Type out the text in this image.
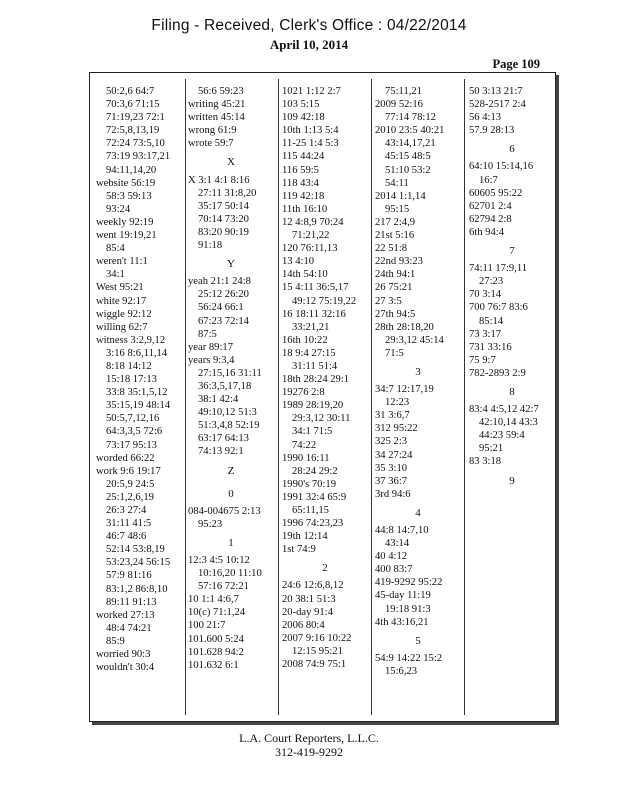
Filing - Received, Clerk's Office : 04/22/2014
April 10, 2014
Page 109
50:2,6 64:7
70:3,6 71:15
71:19,23 72:1
72:5,8,13,19
72:24 73:5,10
73:19 93:17,21
94:11,14,20
website 56:19
58:3 59:13
93:24
weekly 92:19
went 19:19,21
85:4
weren't 11:1
34:1
West 95:21
white 92:17
wiggle 92:12
willing 62:7
witness 3:2,9,12
3:16 8:6,11,14
8:18 14:12
15:18 17:13
33:8 35:1,5,12
35:15,19 48:14
50:5,7,12,16
64:3,3,5 72:6
73:17 95:13
worded 66:22
work 9:6 19:17
20:5,9 24:5
25:1,2,6,19
26:3 27:4
31:11 41:5
46:7 48:6
52:14 53:8,19
53:23,24 56:15
57:9 81:16
83:1,2 86:8,10
89:11 91:13
worked 27:13
48:4 74:21
85:9
worried 90:3
wouldn't 30:4
56:6 59:23
writing 45:21
written 45:14
wrong 61:9
wrote 59:7
X
X 3:1 4:1 8:16
27:11 31:8,20
35:17 50:14
70:14 73:20
83:20 90:19
91:18
Y
yeah 21:1 24:8
25:12 26:20
56:24 66:1
67:23 72:14
87:5
year 89:17
years 9:3,4
27:15,16 31:11
36:3,5,17,18
38:1 42:4
49:10,12 51:3
51:3,4,8 52:19
63:17 64:13
74:13 92:1
Z
0
084-004675 2:13
95:23
1
12:3 4:5 10:12
10:16,20 11:10
57:16 72:21
10 1:1 4:6,7
10(c) 71:1,24
100 21:7
101.600 5:24
101.628 94:2
101.632 6:1
1021 1:12 2:7
103 5:15
109 42:18
10th 1:13 5:4
11-25 1:4 5:3
115 44:24
116 59:5
118 43:4
119 42:18
11th 16:10
12 4:8,9 70:24
71:21,22
120 76:11,13
13 4:10
14th 54:10
15 4:11 36:5,17
49:12 75:19,22
16 18:11 32:16
33:21,21
16th 10:22
18 9:4 27:15
31:11 51:4
18th 28:24 29:1
19276 2:8
1989 28:19,20
29:3,12 30:11
34:1 71:5
74:22
1990 16:11
28:24 29:2
1990's 70:19
1991 32:4 65:9
65:11,15
1996 74:23,23
19th 12:14
1st 74:9
2
24:6 12:6,8,12
20 38:1 51:3
20-day 91:4
2006 80:4
2007 9:16 10:22
12:15 95:21
2008 74:9 75:1
75:11,21
2009 52:16
77:14 78:12
2010 23:5 40:21
43:14,17,21
45:15 48:5
51:10 53:2
54:11
2014 1:1,14
95:15
217 2:4,9
21st 5:16
22 51:8
22nd 93:23
24th 94:1
26 75:21
27 3:5
27th 94:5
28th 28:18,20
29:3,12 45:14
71:5
3
34:7 12:17,19
12:23
31 3:6,7
312 95:22
325 2:3
34 27:24
35 3:10
37 36:7
3rd 94:6
4
44:8 14:7,10
43:14
40 4:12
400 83:7
419-9292 95:22
45-day 11:19
19:18 91:3
4th 43:16,21
5
54:9 14:22 15:2
15:6,23
50 3:13 21:7
528-2517 2:4
56 4:13
57.9 28:13
6
64:10 15:14,16
16:7
60605 95:22
62701 2:4
62794 2:8
6th 94:4
7
74:11 17:9,11
27:23
70 3:14
700 76:7 83:6
85:14
73 3:17
731 33:16
75 9:7
782-2893 2:9
8
83:4 4:5,12 42:7
42:10,14 43:3
44:23 59:4
95:21
83 3:18
9
L.A. Court Reporters, L.L.C.
312-419-9292
